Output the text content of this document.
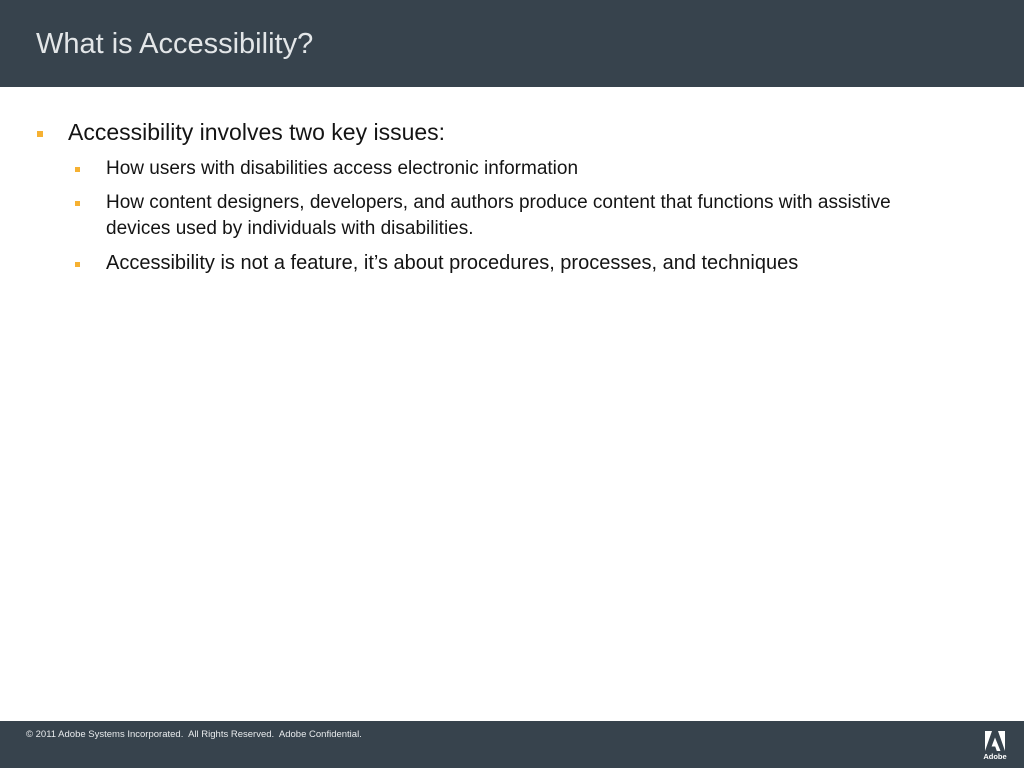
What is Accessibility?

Accessibility involves two key issues:

How users with disabilities access electronic information

How content designers, developers, and authors produce content that functions with assistive devices used by individuals with disabilities.

Accessibility is not a feature, it’s about procedures, processes, and techniques

© 2011 Adobe Systems Incorporated.  All Rights Reserved.  Adobe Confidential.
Adobe
